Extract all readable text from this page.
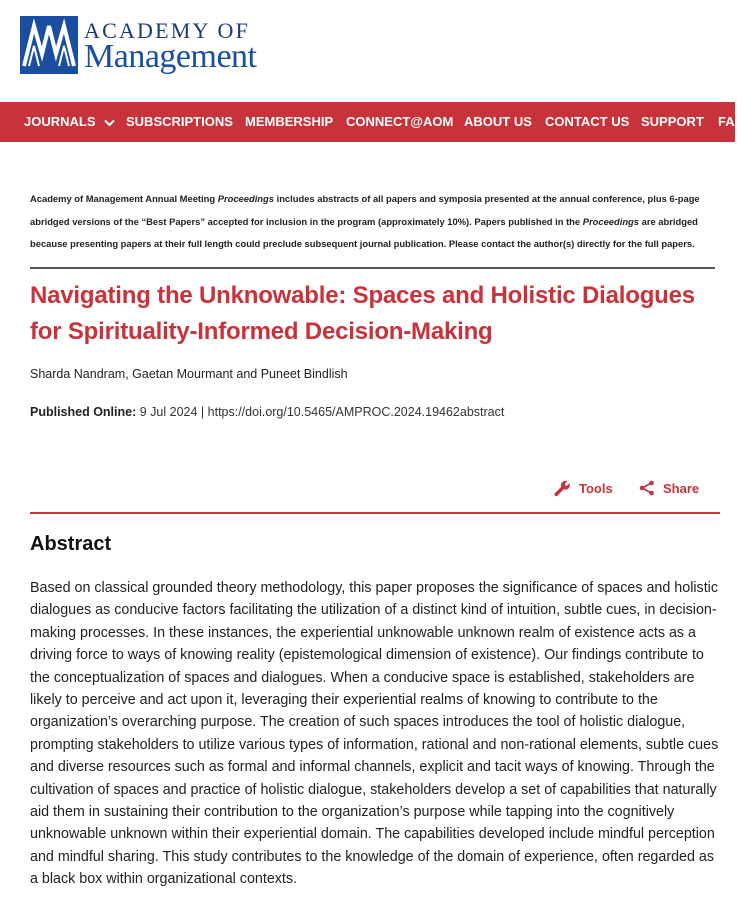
ACADEMY OF
Management
JOURNALS	SUBSCRIPTIONS MEMBERSHIP CONNECT@AOM ABOUT US CONTACT US SUPPORT FAQ
Academy of Management Annual Meeting Proceedings includes abstracts of all papers and symposia presented at the annual conference, plus 6-page abridged versions of the “Best Papers” accepted for inclusion in the program (approximately 10%). Papers published in the Proceedings are abridged because presenting papers at their full length could preclude subsequent journal publication. Please contact the author(s) directly for the full papers.
Navigating the Unknowable: Spaces and Holistic Dialogues for Spirituality-Informed Decision-Making
Sharda Nandram, Gaetan Mourmant and Puneet Bindlish
Published Online: 9 Jul 2024 | https://doi.org/10.5465/AMPROC.2024.19462abstract
Tools	Share
Abstract

Based on classical grounded theory methodology, this paper proposes the significance of spaces and holistic dialogues as conducive factors facilitating the utilization of a distinct kind of intuition, subtle cues, in decision-making processes. In these instances, the experiential unknowable unknown realm of existence acts as a driving force to ways of knowing reality (epistemological dimension of existence). Our findings contribute to the conceptualization of spaces and dialogues. When a conducive space is established, stakeholders are likely to perceive and act upon it, leveraging their experiential realms of knowing to contribute to the organization’s overarching purpose. The creation of such spaces introduces the tool of holistic dialogue, prompting stakeholders to utilize various types of information, rational and non-rational elements, subtle cues and diverse resources such as formal and informal channels, explicit and tacit ways of knowing. Through the cultivation of spaces and practice of holistic dialogue, stakeholders develop a set of capabilities that naturally aid them in sustaining their contribution to the organization’s purpose while tapping into the cognitively unknowable unknown within their experiential domain. The capabilities developed include mindful perception and mindful sharing. This study contributes to the knowledge of the domain of experience, often regarded as a black box within organizational contexts.
